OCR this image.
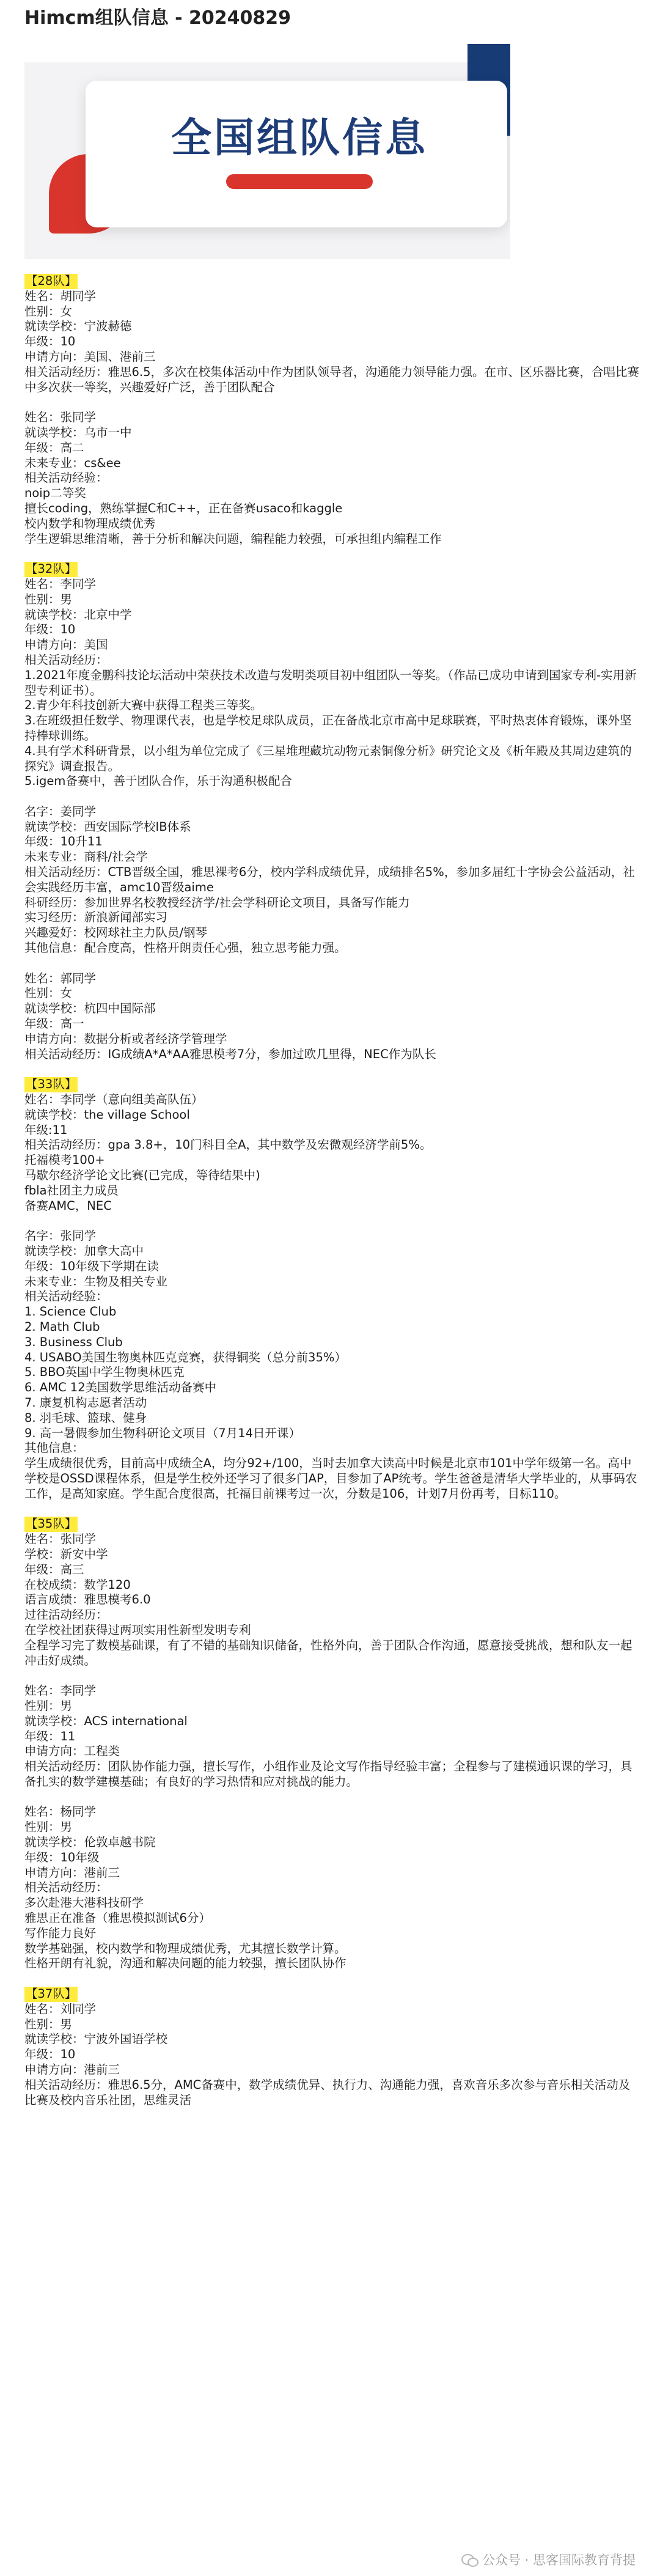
Himcm组队信息 - 20240829
全国组队信息
【28队】
姓名：胡同学
性别：女
就读学校：宁波赫德
年级：10
申请方向：美国、港前三
相关活动经历：雅思6.5，多次在校集体活动中作为团队领导者，沟通能力领导能力强。在市、区乐器比赛，合唱比赛中多次获一等奖，兴趣爱好广泛，善于团队配合
姓名：张同学
就读学校：乌市一中
年级：高二
未来专业：cs&ee
相关活动经验：
noip二等奖
擅长coding，熟练掌握C和C++，正在备赛usaco和kaggle
校内数学和物理成绩优秀
学生逻辑思维清晰，善于分析和解决问题，编程能力较强，可承担组内编程工作
【32队】
姓名：李同学
性别：男
就读学校：北京中学
年级：10
申请方向：美国
相关活动经历：
1.2021年度金鹏科技论坛活动中荣获技术改造与发明类项目初中组团队一等奖。（作品已成功申请到国家专利-实用新型专利证书）。
2.青少年科技创新大赛中获得工程类三等奖。
3.在班级担任数学、物理课代表，也是学校足球队成员，正在备战北京市高中足球联赛，平时热衷体育锻炼，课外坚持棒球训练。
4.具有学术科研背景，以小组为单位完成了《三星堆理藏坑动物元素铜像分析》研究论文及《析年殿及其周边建筑的探究》调查报告。
5.igem备赛中，善于团队合作，乐于沟通积极配合
名字：姜同学
就读学校：西安国际学校IB体系
年级：10升11
未来专业：商科/社会学
相关活动经历：CTB晋级全国，雅思裸考6分，校内学科成绩优异，成绩排名5%，参加多届红十字协会公益活动，社会实践经历丰富，amc10晋级aime
科研经历：参加世界名校教授经济学/社会学科研论文项目，具备写作能力
实习经历：新浪新闻部实习
兴趣爱好：校网球社主力队员/钢琴
其他信息：配合度高，性格开朗责任心强，独立思考能力强。
姓名：郭同学
性别：女
就读学校：杭四中国际部
年级：高一
申请方向：数据分析或者经济学管理学
相关活动经历：IG成绩A*A*AA雅思模考7分，参加过欧几里得，NEC作为队长
【33队】
姓名：李同学（意向组美高队伍）
就读学校：the village School
年级:11
相关活动经历：gpa 3.8+，10门科目全A，其中数学及宏微观经济学前5%。
托福模考100+
马歇尔经济学论文比赛(已完成，等待结果中)
fbla社团主力成员
备赛AMC，NEC
名字：张同学
就读学校：加拿大高中
年级：10年级下学期在读
未来专业：生物及相关专业
相关活动经验：
1. Science Club
2. Math Club
3. Business Club
4. USABO美国生物奥林匹克竞赛，获得铜奖（总分前35%）
5. BBO英国中学生物奥林匹克
6. AMC 12美国数学思维活动备赛中
7. 康复机构志愿者活动
8. 羽毛球、篮球、健身
9. 高一暑假参加生物科研论文项目（7月14日开课）
其他信息：
学生成绩很优秀，目前高中成绩全A，均分92+/100，当时去加拿大读高中时候是北京市101中学年级第一名。高中学校是OSSD课程体系，但是学生校外还学习了很多门AP，目参加了AP统考。学生爸爸是清华大学毕业的，从事码农工作，是高知家庭。学生配合度很高，托福目前裸考过一次，分数是106，计划7月份再考，目标110。
【35队】
姓名：张同学
学校：新安中学
年级：高三
在校成绩：数学120
语言成绩：雅思模考6.0
过往活动经历：
在学校社团获得过两项实用性新型发明专利
全程学习完了数模基础课，有了不错的基础知识储备，性格外向，善于团队合作沟通，愿意接受挑战，想和队友一起冲击好成绩。
姓名：李同学
性别：男
就读学校：ACS international
年级：11
申请方向：工程类
相关活动经历：团队协作能力强，擅长写作，小组作业及论文写作指导经验丰富；全程参与了建模通识课的学习，具备扎实的数学建模基础；有良好的学习热情和应对挑战的能力。
姓名：杨同学
性别：男
就读学校：伦敦卓越书院
年级：10年级
申请方向：港前三
相关活动经历：
多次赴港大港科技研学
雅思正在准备（雅思模拟测试6分）
写作能力良好
数学基础强，校内数学和物理成绩优秀，尤其擅长数学计算。
性格开朗有礼貌，沟通和解决问题的能力较强，擅长团队协作
【37队】
姓名：刘同学
性别：男
就读学校：宁波外国语学校
年级：10
申请方向：港前三
相关活动经历：雅思6.5分，AMC备赛中，数学成绩优异、执行力、沟通能力强，喜欢音乐多次参与音乐相关活动及比赛及校内音乐社团，思维灵活
公众号 · 思客国际教育背提
